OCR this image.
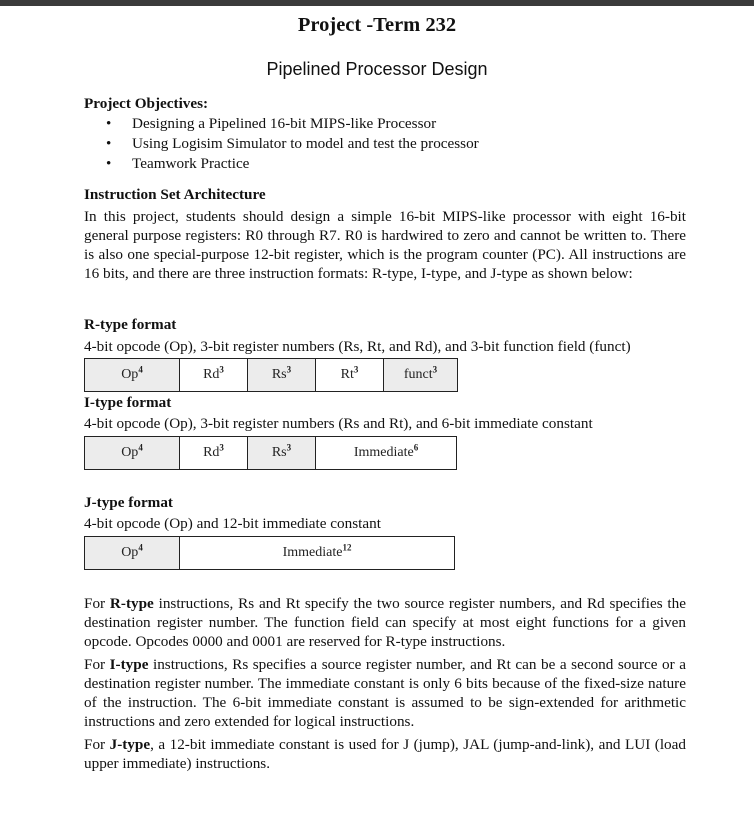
Project -Term 232
Pipelined Processor Design
Project Objectives:
• Designing a Pipelined 16-bit MIPS-like Processor
• Using Logisim Simulator to model and test the processor
• Teamwork Practice
Instruction Set Architecture
In this project, students should design a simple 16-bit MIPS-like processor with eight 16-bit general purpose registers: R0 through R7. R0 is hardwired to zero and cannot be written to. There is also one special-purpose 12-bit register, which is the program counter (PC). All instructions are 16 bits, and there are three instruction formats: R-type, I-type, and J-type as shown below:
R-type format
4-bit opcode (Op), 3-bit register numbers (Rs, Rt, and Rd), and 3-bit function field (funct)
Op$^4$	Rd$^3$	Rs$^3$	Rt$^3$	funct$^3$
I-type format
4-bit opcode (Op), 3-bit register numbers (Rs and Rt), and 6-bit immediate constant
Op$^4$	Rd$^3$	Rs$^3$	Immediate$^6$
J-type format
4-bit opcode (Op) and 12-bit immediate constant
Op$^4$	Immediate$^{12}$
For R-type instructions, Rs and Rt specify the two source register numbers, and Rd specifies the destination register number. The function field can specify at most eight functions for a given opcode. Opcodes 0000 and 0001 are reserved for R-type instructions.
For I-type instructions, Rs specifies a source register number, and Rt can be a second source or a destination register number. The immediate constant is only 6 bits because of the fixed-size nature of the instruction. The 6-bit immediate constant is assumed to be sign-extended for arithmetic instructions and zero extended for logical instructions.
For J-type, a 12-bit immediate constant is used for J (jump), JAL (jump-and-link), and LUI (load upper immediate) instructions.
